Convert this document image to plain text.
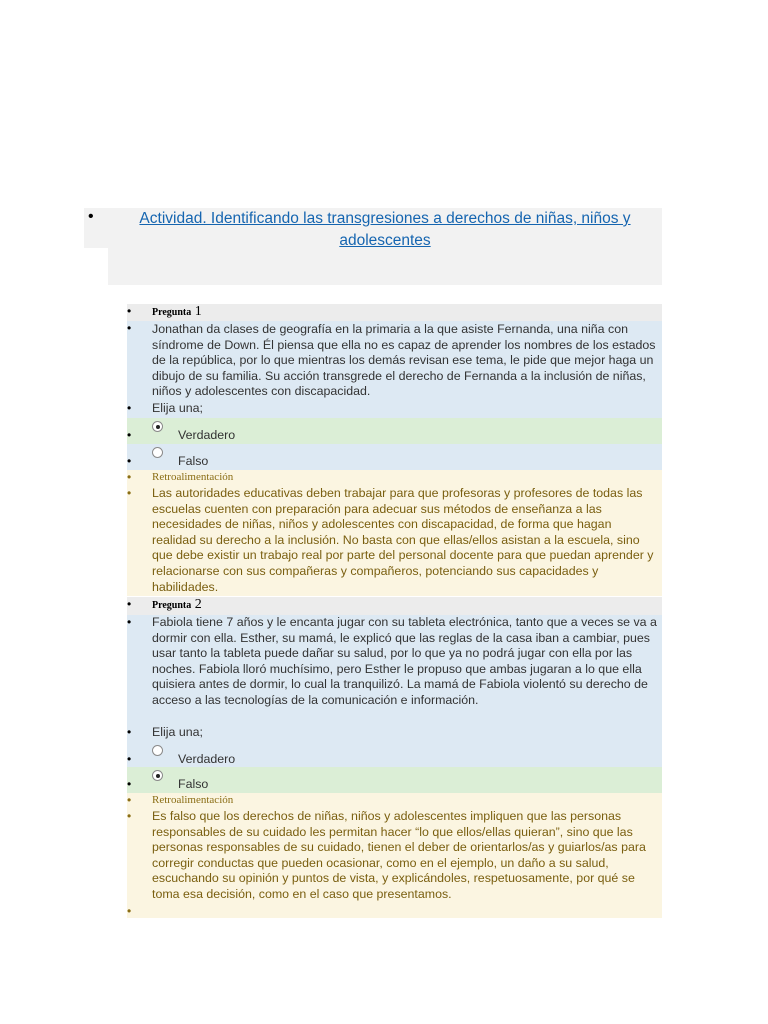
•	Actividad. Identificando las transgresiones a derechos de niñas, niños y adolescentes
•	Pregunta 1
•	Jonathan da clases de geografía en la primaria a la que asiste Fernanda, una niña con síndrome de Down. Él piensa que ella no es capaz de aprender los nombres de los estados de la república, por lo que mientras los demás revisan ese tema, le pide que mejor haga un dibujo de su familia. Su acción transgrede el derecho de Fernanda a la inclusión de niñas, niños y adolescentes con discapacidad.
•	Elija una;
•	Verdadero
•	Falso
•	Retroalimentación
•	Las autoridades educativas deben trabajar para que profesoras y profesores de todas las escuelas cuenten con preparación para adecuar sus métodos de enseñanza a las necesidades de niñas, niños y adolescentes con discapacidad, de forma que hagan realidad su derecho a la inclusión. No basta con que ellas/ellos asistan a la escuela, sino que debe existir un trabajo real por parte del personal docente para que puedan aprender y relacionarse con sus compañeras y compañeros, potenciando sus capacidades y habilidades.
•	Pregunta 2
•	Fabiola tiene 7 años y le encanta jugar con su tableta electrónica, tanto que a veces se va a dormir con ella. Esther, su mamá, le explicó que las reglas de la casa iban a cambiar, pues usar tanto la tableta puede dañar su salud, por lo que ya no podrá jugar con ella por las noches. Fabiola lloró muchísimo, pero Esther le propuso que ambas jugaran a lo que ella quisiera antes de dormir, lo cual la tranquilizó. La mamá de Fabiola violentó su derecho de acceso a las tecnologías de la comunicación e información.
•	Elija una;
•	Verdadero
•	Falso
•	Retroalimentación
•	Es falso que los derechos de niñas, niños y adolescentes impliquen que las personas responsables de su cuidado les permitan hacer “lo que ellos/ellas quieran”, sino que las personas responsables de su cuidado, tienen el deber de orientarlos/as y guiarlos/as para corregir conductas que pueden ocasionar, como en el ejemplo, un daño a su salud, escuchando su opinión y puntos de vista, y explicándoles, respetuosamente, por qué se toma esa decisión, como en el caso que presentamos.
•
